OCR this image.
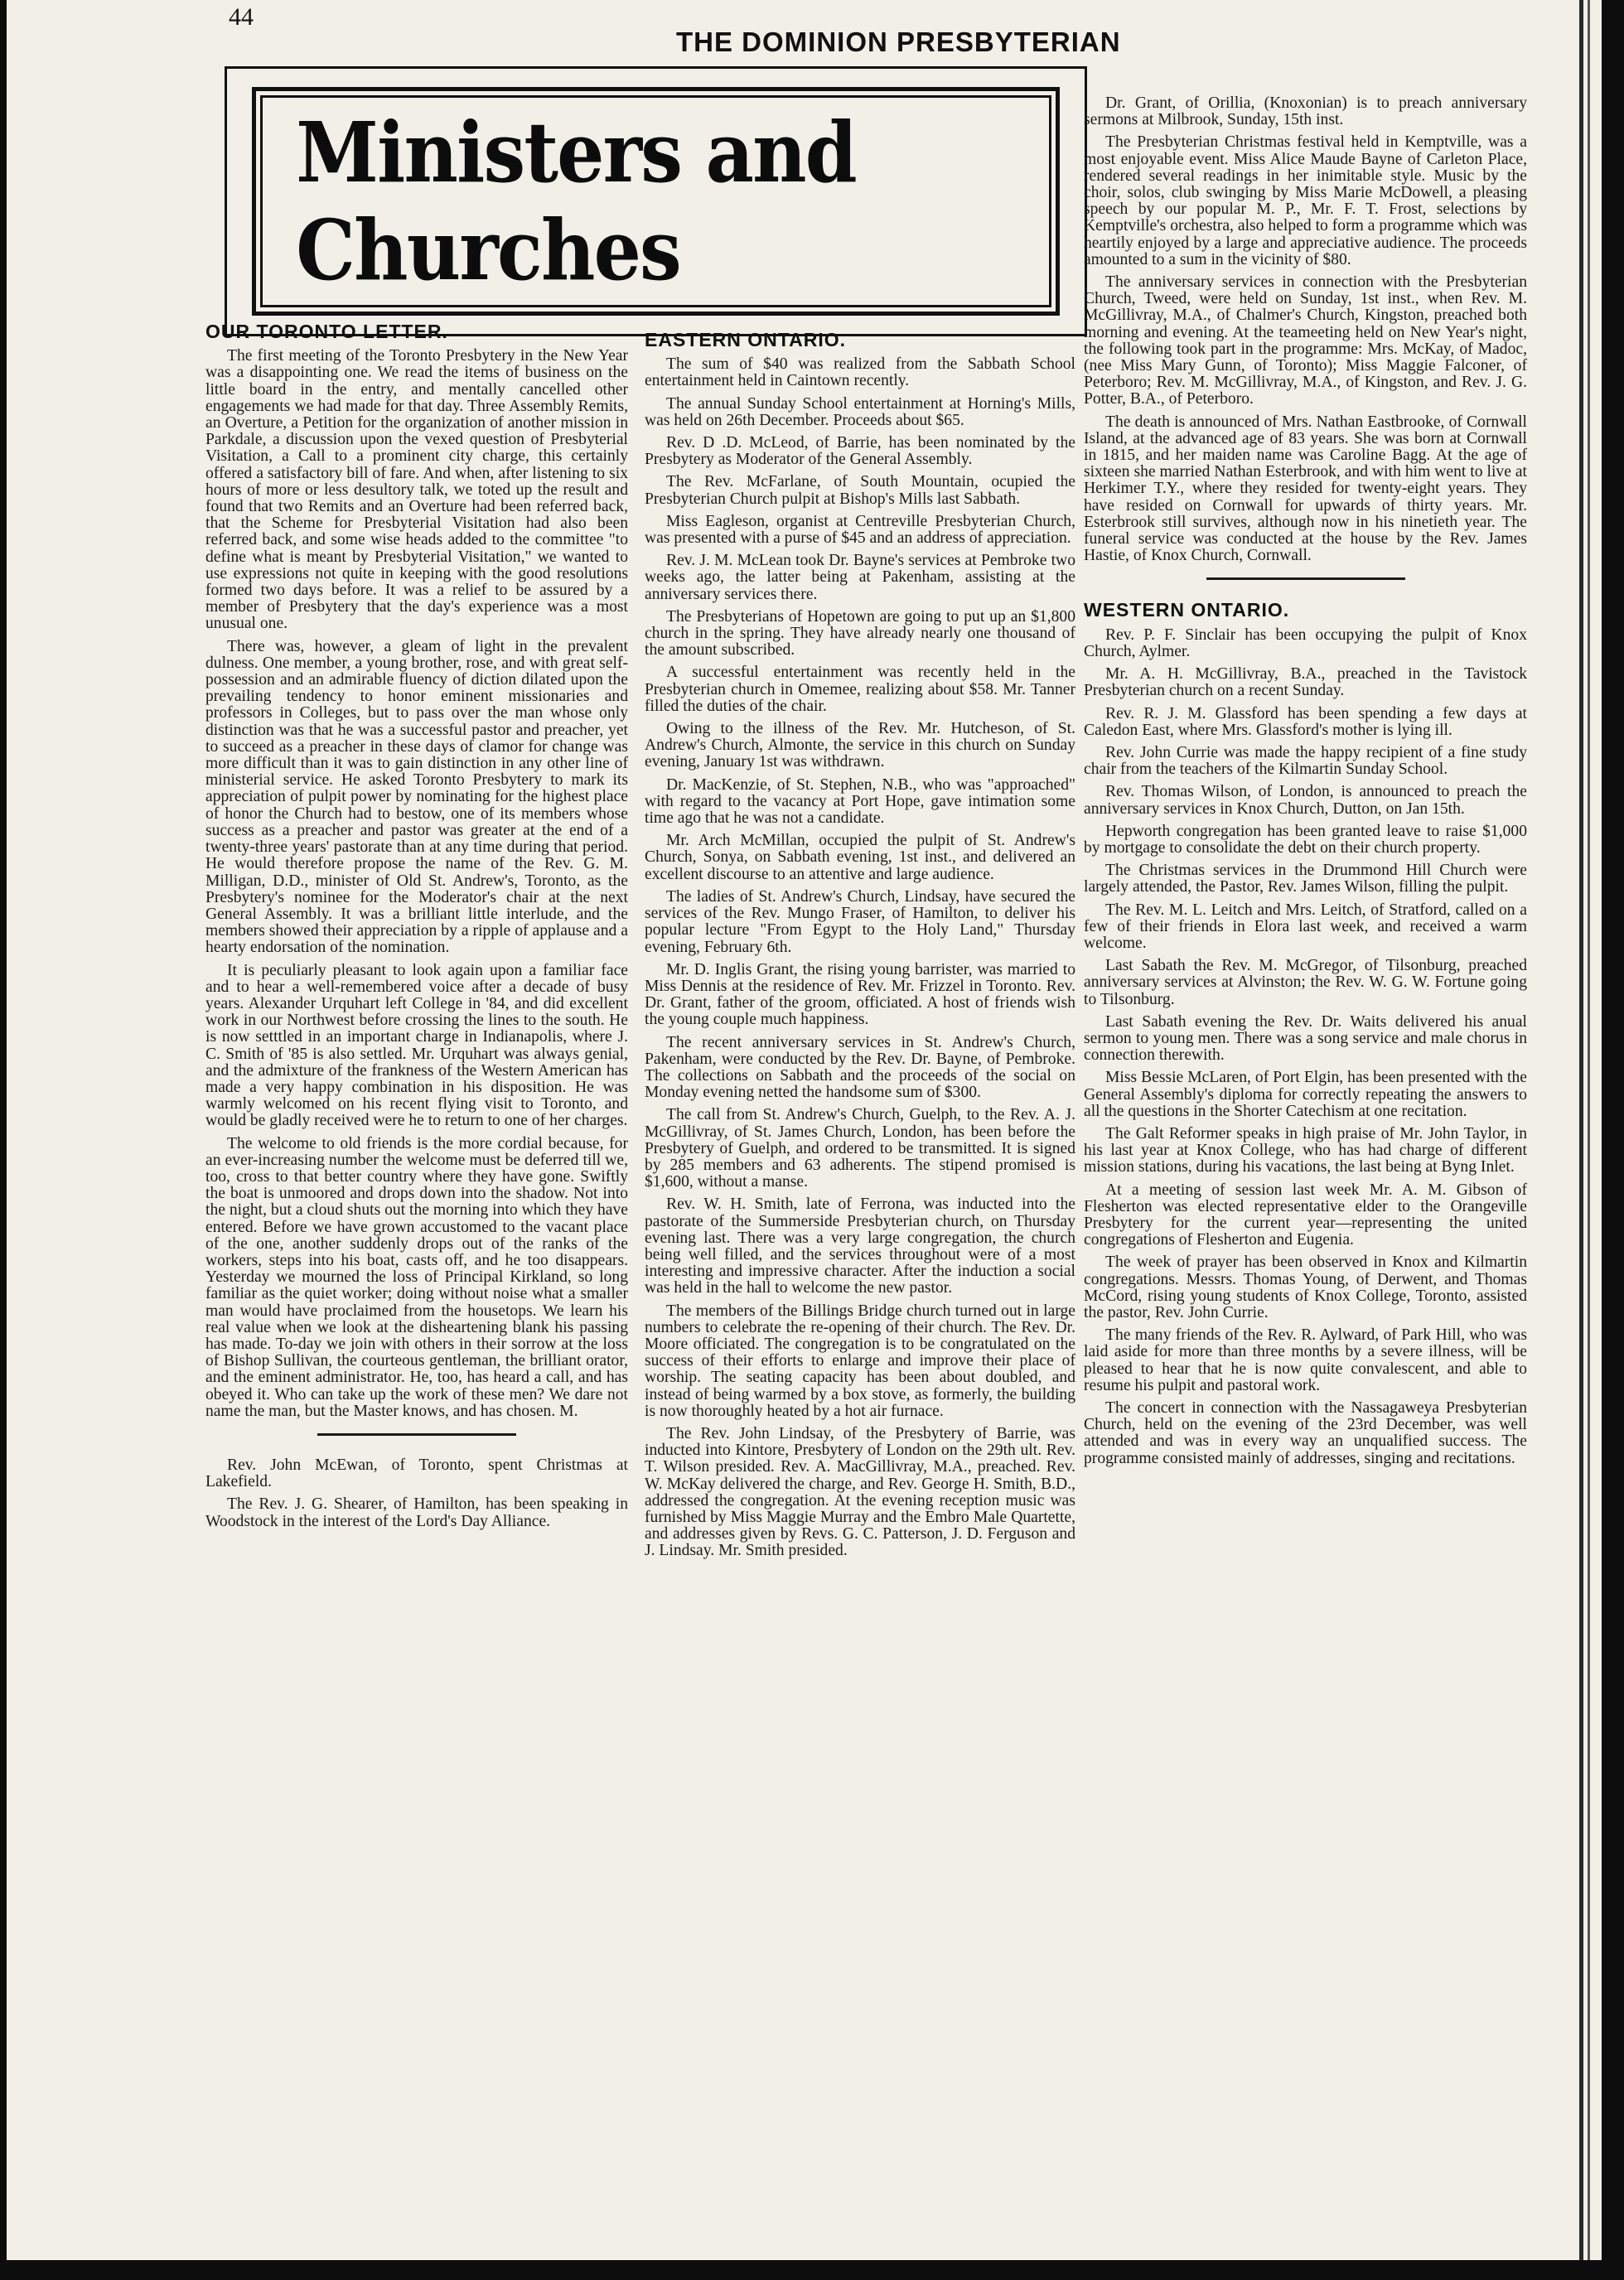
44
THE DOMINION PRESBYTERIAN
Ministers and Churches
OUR TORONTO LETTER.

The first meeting of the Toronto Presbytery in the New Year was a disappointing one. We read the items of business on the little board in the entry, and mentally cancelled other engagements we had made for that day. Three Assembly Remits, an Overture, a Petition for the organization of another mission in Parkdale, a discussion upon the vexed question of Presbyterial Visitation, a Call to a prominent city charge, this certainly offered a satisfactory bill of fare. And when, after listening to six hours of more or less desultory talk, we toted up the result and found that two Remits and an Overture had been referred back, that the Scheme for Presbyterial Visitation had also been referred back, and some wise heads added to the committee "to define what is meant by Presbyterial Visitation," we wanted to use expressions not quite in keeping with the good resolutions formed two days before. It was a relief to be assured by a member of Presbytery that the day's experience was a most unusual one.

There was, however, a gleam of light in the prevalent dulness. One member, a young brother, rose, and with great self-possession and an admirable fluency of diction dilated upon the prevailing tendency to honor eminent missionaries and professors in Colleges, but to pass over the man whose only distinction was that he was a successful pastor and preacher, yet to succeed as a preacher in these days of clamor for change was more difficult than it was to gain distinction in any other line of ministerial service. He asked Toronto Presbytery to mark its appreciation of pulpit power by nominating for the highest place of honor the Church had to bestow, one of its members whose success as a preacher and pastor was greater at the end of a twenty-three years' pastorate than at any time during that period. He would therefore propose the name of the Rev. G. M. Milligan, D.D., minister of Old St. Andrew's, Toronto, as the Presbytery's nominee for the Moderator's chair at the next General Assembly. It was a brilliant little interlude, and the members showed their appreciation by a ripple of applause and a hearty endorsation of the nomination.

It is peculiarly pleasant to look again upon a familiar face and to hear a well-remembered voice after a decade of busy years. Alexander Urquhart left College in '84, and did excellent work in our Northwest before crossing the lines to the south. He is now setttled in an important charge in Indianapolis, where J. C. Smith of '85 is also settled. Mr. Urquhart was always genial, and the admixture of the frankness of the Western American has made a very happy combination in his disposition. He was warmly welcomed on his recent flying visit to Toronto, and would be gladly received were he to return to one of her charges.

The welcome to old friends is the more cordial because, for an ever-increasing number the welcome must be deferred till we, too, cross to that better country where they have gone. Swiftly the boat is unmoored and drops down into the shadow. Not into the night, but a cloud shuts out the morning into which they have entered. Before we have grown accustomed to the vacant place of the one, another suddenly drops out of the ranks of the workers, steps into his boat, casts off, and he too disappears. Yesterday we mourned the loss of Principal Kirkland, so long familiar as the quiet worker; doing without noise what a smaller man would have proclaimed from the housetops. We learn his real value when we look at the disheartening blank his passing has made. To-day we join with others in their sorrow at the loss of Bishop Sullivan, the courteous gentleman, the brilliant orator, and the eminent administrator. He, too, has heard a call, and has obeyed it. Who can take up the work of these men? We dare not name the man, but the Master knows, and has chosen. M.

Rev. John McEwan, of Toronto, spent Christmas at Lakefield.

The Rev. J. G. Shearer, of Hamilton, has been speaking in Woodstock in the interest of the Lord's Day Alliance.

EASTERN ONTARIO.

The sum of $40 was realized from the Sabbath School entertainment held in Caintown recently.

The annual Sunday School entertainment at Horning's Mills, was held on 26th December. Proceeds about $65.

Rev. D .D. McLeod, of Barrie, has been nominated by the Presbytery as Moderator of the General Assembly.

The Rev. McFarlane, of South Mountain, ocupied the Presbyterian Church pulpit at Bishop's Mills last Sabbath.

Miss Eagleson, organist at Centreville Presbyterian Church, was presented with a purse of $45 and an address of appreciation.

Rev. J. M. McLean took Dr. Bayne's services at Pembroke two weeks ago, the latter being at Pakenham, assisting at the anniversary services there.

The Presbyterians of Hopetown are going to put up an $1,800 church in the spring. They have already nearly one thousand of the amount subscribed.

A successful entertainment was recently held in the Presbyterian church in Omemee, realizing about $58. Mr. Tanner filled the duties of the chair.

Owing to the illness of the Rev. Mr. Hutcheson, of St. Andrew's Church, Almonte, the service in this church on Sunday evening, January 1st was withdrawn.

Dr. MacKenzie, of St. Stephen, N.B., who was "approached" with regard to the vacancy at Port Hope, gave intimation some time ago that he was not a candidate.

Mr. Arch McMillan, occupied the pulpit of St. Andrew's Church, Sonya, on Sabbath evening, 1st inst., and delivered an excellent discourse to an attentive and large audience.

The ladies of St. Andrew's Church, Lindsay, have secured the services of the Rev. Mungo Fraser, of Hamilton, to deliver his popular lecture "From Egypt to the Holy Land," Thursday evening, February 6th.

Mr. D. Inglis Grant, the rising young barrister, was married to Miss Dennis at the residence of Rev. Mr. Frizzel in Toronto. Rev. Dr. Grant, father of the groom, officiated. A host of friends wish the young couple much happiness.

The recent anniversary services in St. Andrew's Church, Pakenham, were conducted by the Rev. Dr. Bayne, of Pembroke. The collections on Sabbath and the proceeds of the social on Monday evening netted the handsome sum of $300.

The call from St. Andrew's Church, Guelph, to the Rev. A. J. McGillivray, of St. James Church, London, has been before the Presbytery of Guelph, and ordered to be transmitted. It is signed by 285 members and 63 adherents. The stipend promised is $1,600, without a manse.

Rev. W. H. Smith, late of Ferrona, was inducted into the pastorate of the Summerside Presbyterian church, on Thursday evening last. There was a very large congregation, the church being well filled, and the services throughout were of a most interesting and impressive character. After the induction a social was held in the hall to welcome the new pastor.

The members of the Billings Bridge church turned out in large numbers to celebrate the re-opening of their church. The Rev. Dr. Moore officiated. The congregation is to be congratulated on the success of their efforts to enlarge and improve their place of worship. The seating capacity has been about doubled, and instead of being warmed by a box stove, as formerly, the building is now thoroughly heated by a hot air furnace.

The Rev. John Lindsay, of the Presbytery of Barrie, was inducted into Kintore, Presbytery of London on the 29th ult. Rev. T. Wilson presided. Rev. A. MacGillivray, M.A., preached. Rev. W. McKay delivered the charge, and Rev. George H. Smith, B.D., addressed the congregation. At the evening reception music was furnished by Miss Maggie Murray and the Embro Male Quartette, and addresses given by Revs. G. C. Patterson, J. D. Ferguson and J. Lindsay. Mr. Smith presided.

Dr. Grant, of Orillia, (Knoxonian) is to preach anniversary sermons at Milbrook, Sunday, 15th inst.

The Presbyterian Christmas festival held in Kemptville, was a most enjoyable event. Miss Alice Maude Bayne of Carleton Place, rendered several readings in her inimitable style. Music by the choir, solos, club swinging by Miss Marie McDowell, a pleasing speech by our popular M. P., Mr. F. T. Frost, selections by Kemptville's orchestra, also helped to form a programme which was heartily enjoyed by a large and appreciative audience. The proceeds amounted to a sum in the vicinity of $80.

The anniversary services in connection with the Presbyterian Church, Tweed, were held on Sunday, 1st inst., when Rev. M. McGillivray, M.A., of Chalmer's Church, Kingston, preached both morning and evening. At the teameeting held on New Year's night, the following took part in the programme: Mrs. McKay, of Madoc, (nee Miss Mary Gunn, of Toronto); Miss Maggie Falconer, of Peterboro; Rev. M. McGillivray, M.A., of Kingston, and Rev. J. G. Potter, B.A., of Peterboro.

The death is announced of Mrs. Nathan Eastbrooke, of Cornwall Island, at the advanced age of 83 years. She was born at Cornwall in 1815, and her maiden name was Caroline Bagg. At the age of sixteen she married Nathan Esterbrook, and with him went to live at Herkimer T.Y., where they resided for twenty-eight years. They have resided on Cornwall for upwards of thirty years. Mr. Esterbrook still survives, although now in his ninetieth year. The funeral service was conducted at the house by the Rev. James Hastie, of Knox Church, Cornwall.

WESTERN ONTARIO.

Rev. P. F. Sinclair has been occupying the pulpit of Knox Church, Aylmer.

Mr. A. H. McGillivray, B.A., preached in the Tavistock Presbyterian church on a recent Sunday.

Rev. R. J. M. Glassford has been spending a few days at Caledon East, where Mrs. Glassford's mother is lying ill.

Rev. John Currie was made the happy recipient of a fine study chair from the teachers of the Kilmartin Sunday School.

Rev. Thomas Wilson, of London, is announced to preach the anniversary services in Knox Church, Dutton, on Jan 15th.

Hepworth congregation has been granted leave to raise $1,000 by mortgage to consolidate the debt on their church property.

The Christmas services in the Drummond Hill Church were largely attended, the Pastor, Rev. James Wilson, filling the pulpit.

The Rev. M. L. Leitch and Mrs. Leitch, of Stratford, called on a few of their friends in Elora last week, and received a warm welcome.

Last Sabath the Rev. M. McGregor, of Tilsonburg, preached anniversary services at Alvinston; the Rev. W. G. W. Fortune going to Tilsonburg.

Last Sabath evening the Rev. Dr. Waits delivered his anual sermon to young men. There was a song service and male chorus in connection therewith.

Miss Bessie McLaren, of Port Elgin, has been presented with the General Assembly's diploma for correctly repeating the answers to all the questions in the Shorter Catechism at one recitation.

The Galt Reformer speaks in high praise of Mr. John Taylor, in his last year at Knox College, who has had charge of different mission stations, during his vacations, the last being at Byng Inlet.

At a meeting of session last week Mr. A. M. Gibson of Flesherton was elected representative elder to the Orangeville Presbytery for the current year—representing the united congregations of Flesherton and Eugenia.

The week of prayer has been observed in Knox and Kilmartin congregations. Messrs. Thomas Young, of Derwent, and Thomas McCord, rising young students of Knox College, Toronto, assisted the pastor, Rev. John Currie.

The many friends of the Rev. R. Aylward, of Park Hill, who was laid aside for more than three months by a severe illness, will be pleased to hear that he is now quite convalescent, and able to resume his pulpit and pastoral work.

The concert in connection with the Nassagaweya Presbyterian Church, held on the evening of the 23rd December, was well attended and was in every way an unqualified success. The programme consisted mainly of addresses, singing and recitations.
